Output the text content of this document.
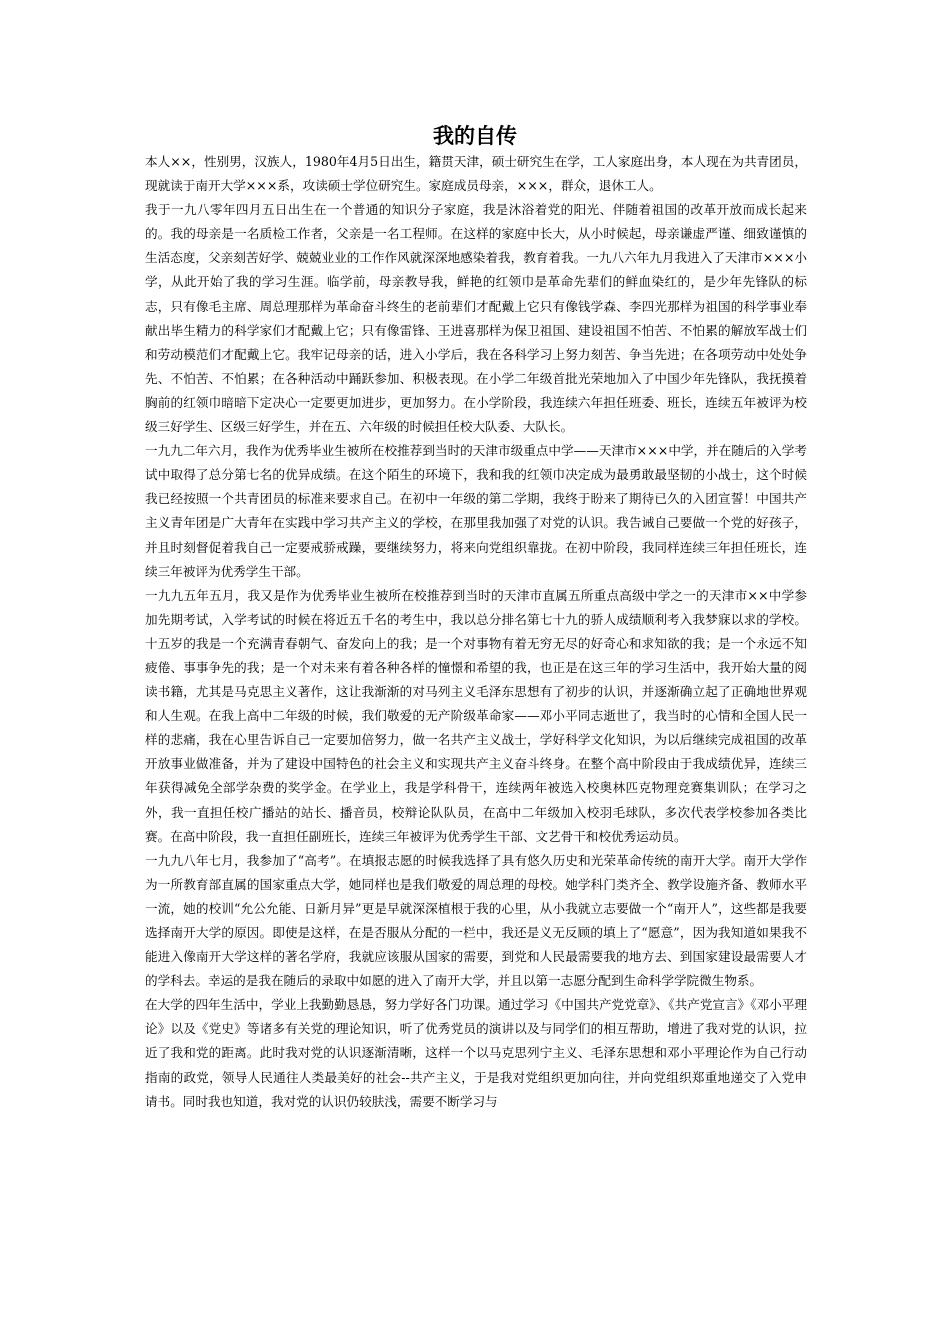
我的自传

本人××，性别男，汉族人，1980年4月5日出生，籍贯天津，硕士研究生在学，工人家庭出身，本人现在为共青团员，现就读于南开大学×××系，攻读硕士学位研究生。家庭成员母亲，×××，群众，退休工人。

我于一九八零年四月五日出生在一个普通的知识分子家庭，我是沐浴着党的阳光、伴随着祖国的改革开放而成长起来的。我的母亲是一名质检工作者，父亲是一名工程师。在这样的家庭中长大，从小时候起，母亲谦虚严谨、细致谨慎的生活态度，父亲刻苦好学、兢兢业业的工作作风就深深地感染着我，教育着我。一九八六年九月我进入了天津市×××小学，从此开始了我的学习生涯。临学前，母亲教导我，鲜艳的红领巾是革命先辈们的鲜血染红的，是少年先锋队的标志，只有像毛主席、周总理那样为革命奋斗终生的老前辈们才配戴上它只有像钱学森、李四光那样为祖国的科学事业奉献出毕生精力的科学家们才配戴上它；只有像雷锋、王进喜那样为保卫祖国、建设祖国不怕苦、不怕累的解放军战士们和劳动模范们才配戴上它。我牢记母亲的话，进入小学后，我在各科学习上努力刻苦、争当先进；在各项劳动中处处争先、不怕苦、不怕累；在各种活动中踊跃参加、积极表现。在小学二年级首批光荣地加入了中国少年先锋队，我抚摸着胸前的红领巾暗暗下定决心一定要更加进步，更加努力。在小学阶段，我连续六年担任班委、班长，连续五年被评为校级三好学生、区级三好学生，并在五、六年级的时候担任校大队委、大队长。

一九九二年六月，我作为优秀毕业生被所在校推荐到当时的天津市级重点中学——天津市×××中学，并在随后的入学考试中取得了总分第七名的优异成绩。在这个陌生的环境下，我和我的红领巾决定成为最勇敢最坚韧的小战士，这个时候我已经按照一个共青团员的标准来要求自己。在初中一年级的第二学期，我终于盼来了期待已久的入团宣誓！中国共产主义青年团是广大青年在实践中学习共产主义的学校，在那里我加强了对党的认识。我告诫自己要做一个党的好孩子，并且时刻督促着我自己一定要戒骄戒躁，要继续努力，将来向党组织靠拢。在初中阶段，我同样连续三年担任班长，连续三年被评为优秀学生干部。

一九九五年五月，我又是作为优秀毕业生被所在校推荐到当时的天津市直属五所重点高级中学之一的天津市××中学参加先期考试，入学考试的时候在将近五千名的考生中，我以总分排名第七十九的骄人成绩顺利考入我梦寐以求的学校。十五岁的我是一个充满青春朝气、奋发向上的我；是一个对事物有着无穷无尽的好奇心和求知欲的我；是一个永远不知疲倦、事事争先的我；是一个对未来有着各种各样的憧憬和希望的我，也正是在这三年的学习生活中，我开始大量的阅读书籍，尤其是马克思主义著作，这让我渐渐的对马列主义毛泽东思想有了初步的认识，并逐渐确立起了正确地世界观和人生观。在我上高中二年级的时候，我们敬爱的无产阶级革命家——邓小平同志逝世了，我当时的心情和全国人民一样的悲痛，我在心里告诉自己一定要加倍努力，做一名共产主义战士，学好科学文化知识，为以后继续完成祖国的改革开放事业做准备，并为了建设中国特色的社会主义和实现共产主义奋斗终身。在整个高中阶段由于我成绩优异，连续三年获得减免全部学杂费的奖学金。在学业上，我是学科骨干，连续两年被选入校奥林匹克物理竞赛集训队；在学习之外，我一直担任校广播站的站长、播音员，校辩论队队员，在高中二年级加入校羽毛球队，多次代表学校参加各类比赛。在高中阶段，我一直担任副班长，连续三年被评为优秀学生干部、文艺骨干和校优秀运动员。

一九九八年七月，我参加了“高考”。在填报志愿的时候我选择了具有悠久历史和光荣革命传统的南开大学。南开大学作为一所教育部直属的国家重点大学，她同样也是我们敬爱的周总理的母校。她学科门类齐全、教学设施齐备、教师水平一流，她的校训“允公允能、日新月异”更是早就深深植根于我的心里，从小我就立志要做一个“南开人”，这些都是我要选择南开大学的原因。即使是这样，在是否服从分配的一栏中，我还是义无反顾的填上了“愿意”，因为我知道如果我不能进入像南开大学这样的著名学府，我就应该服从国家的需要，到党和人民最需要我的地方去、到国家建设最需要人才的学科去。幸运的是我在随后的录取中如愿的进入了南开大学，并且以第一志愿分配到生命科学学院微生物系。

在大学的四年生活中，学业上我勤勤恳恳，努力学好各门功课。通过学习《中国共产党党章》、《共产党宣言》《邓小平理论》以及《党史》等诸多有关党的理论知识，听了优秀党员的演讲以及与同学们的相互帮助，增进了我对党的认识，拉近了我和党的距离。此时我对党的认识逐渐清晰，这样一个以马克思列宁主义、毛泽东思想和邓小平理论作为自己行动指南的政党，领导人民通往人类最美好的社会--共产主义，于是我对党组织更加向往，并向党组织郑重地递交了入党申请书。同时我也知道，我对党的认识仍较肤浅，需要不断学习与
